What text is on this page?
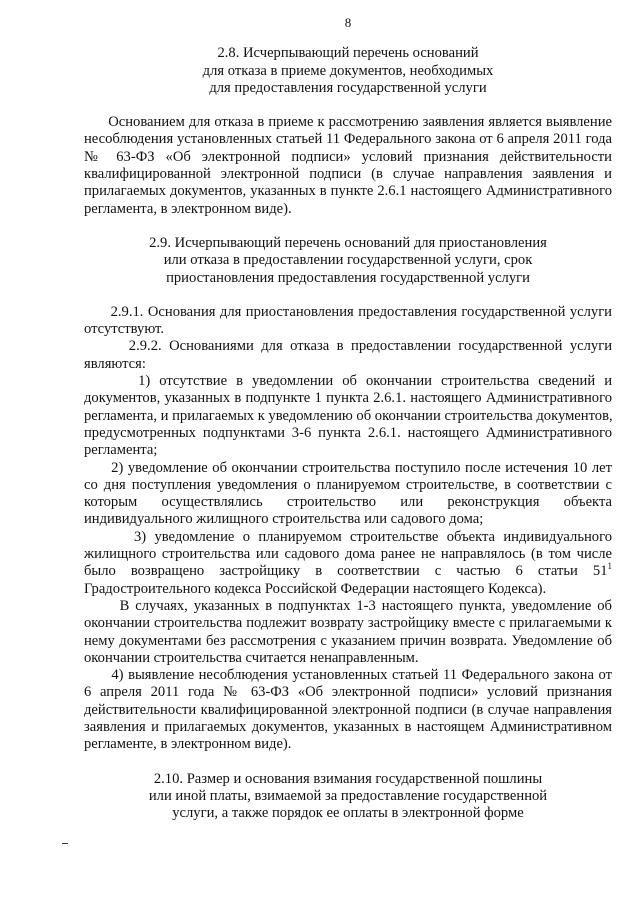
8
2.8. Исчерпывающий перечень оснований
для отказа в приеме документов, необходимых
для предоставления государственной услуги
Основанием для отказа в приеме к рассмотрению заявления является выявление
несоблюдения установленных статьей 11 Федерального закона от 6 апреля 2011 года
№ 63-ФЗ «Об электронной подписи» условий признания действительности
квалифицированной электронной подписи (в случае направления заявления и
прилагаемых документов, указанных в пункте 2.6.1 настоящего Административного
регламента, в электронном виде).
2.9. Исчерпывающий перечень оснований для приостановления
или отказа в предоставлении государственной услуги, срок
приостановления предоставления государственной услуги
2.9.1. Основания для приостановления предоставления государственной услуги
отсутствуют.
2.9.2. Основаниями для отказа в предоставлении государственной услуги
являются:
1) отсутствие в уведомлении об окончании строительства сведений и
документов, указанных в подпункте 1 пункта 2.6.1. настоящего Административного
регламента, и прилагаемых к уведомлению об окончании строительства документов,
предусмотренных подпунктами 3-6 пункта 2.6.1. настоящего Административного
регламента;
2) уведомление об окончании строительства поступило после истечения 10 лет
со дня поступления уведомления о планируемом строительстве, в соответствии с
которым осуществлялись строительство или реконструкция объекта
индивидуального жилищного строительства или садового дома;
3) уведомление о планируемом строительстве объекта индивидуального
жилищного строительства или садового дома ранее не направлялось (в том числе
было возвращено застройщику в соответствии с частью 6 статьи $51^1$
Градостроительного кодекса Российской Федерации настоящего Кодекса).
В случаях, указанных в подпунктах 1-3 настоящего пункта, уведомление об
окончании строительства подлежит возврату застройщику вместе с прилагаемыми к
нему документами без рассмотрения с указанием причин возврата. Уведомление об
окончании строительства считается ненаправленным.
4) выявление несоблюдения установленных статьей 11 Федерального закона от
6 апреля 2011 года № 63-ФЗ «Об электронной подписи» условий признания
действительности квалифицированной электронной подписи (в случае направления
заявления и прилагаемых документов, указанных в настоящем Административном
регламенте, в электронном виде).
2.10. Размер и основания взимания государственной пошлины
или иной платы, взимаемой за предоставление государственной
услуги, а также порядок ее оплаты в электронной форме
